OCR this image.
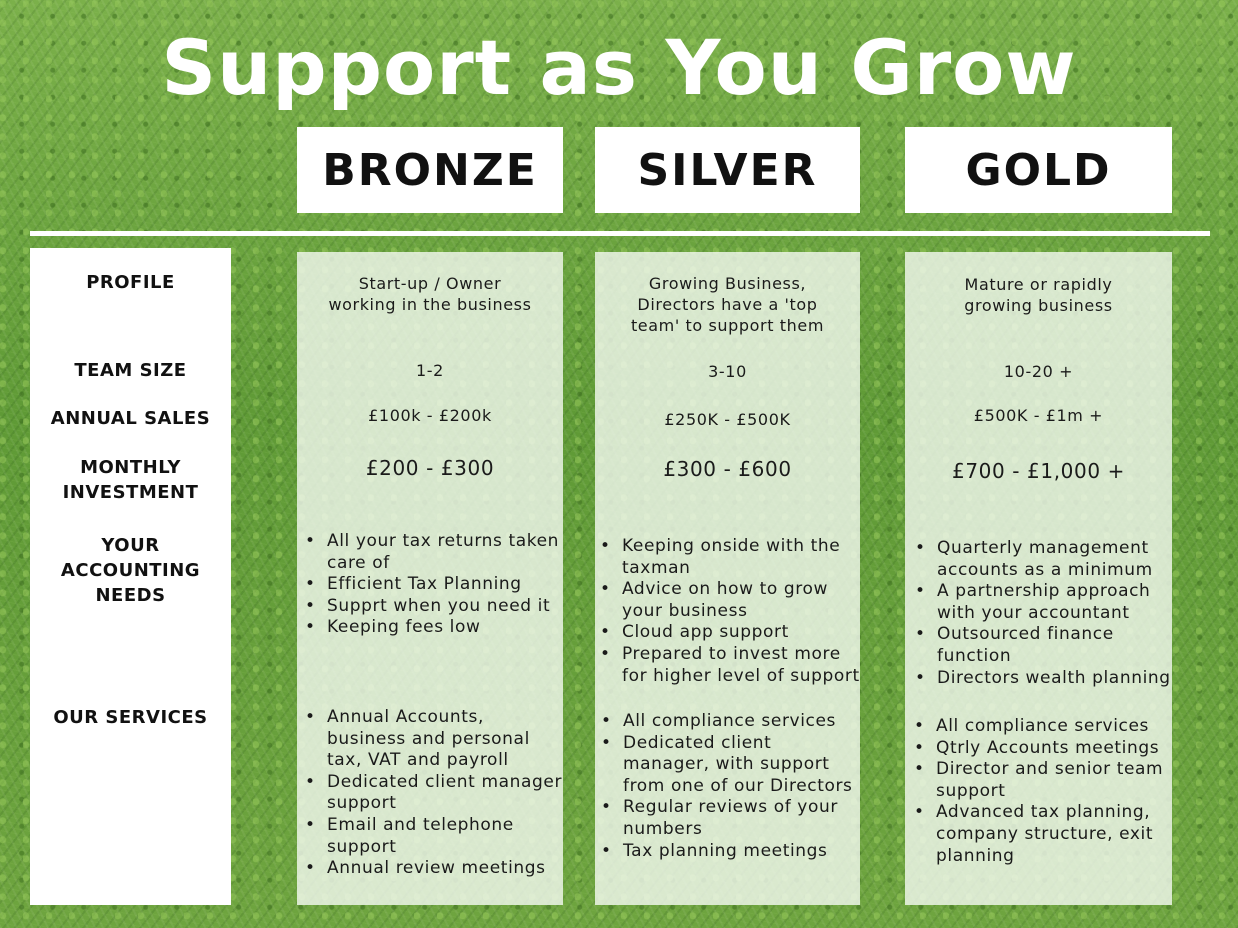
Support as You Grow
BRONZE	SILVER	GOLD
PROFILE
TEAM SIZE
ANNUAL SALES
MONTHLY
INVESTMENT
YOUR
ACCOUNTING
NEEDS
OUR SERVICES
Start-up / Owner
working in the business
1-2
£100k - £200k
£200 - £300
• All your tax returns taken care of
• Efficient Tax Planning
• Supprt when you need it
• Keeping fees low
• Annual Accounts, business and personal tax, VAT and payroll
• Dedicated client manager support
• Email and telephone support
• Annual review meetings
Growing Business,
Directors have a 'top
team' to support them
3-10
£250K - £500K
£300 - £600
• Keeping onside with the taxman
• Advice on how to grow your business
• Cloud app support
• Prepared to invest more for higher level of support
• All compliance services
• Dedicated client manager, with support from one of our Directors
• Regular reviews of your numbers
• Tax planning meetings
Mature or rapidly
growing business
10-20 +
£500K - £1m +
£700 - £1,000 +
• Quarterly management accounts as a minimum
• A partnership approach with your accountant
• Outsourced finance function
• Directors wealth planning
• All compliance services
• Qtrly Accounts meetings
• Director and senior team support
• Advanced tax planning, company structure, exit planning
